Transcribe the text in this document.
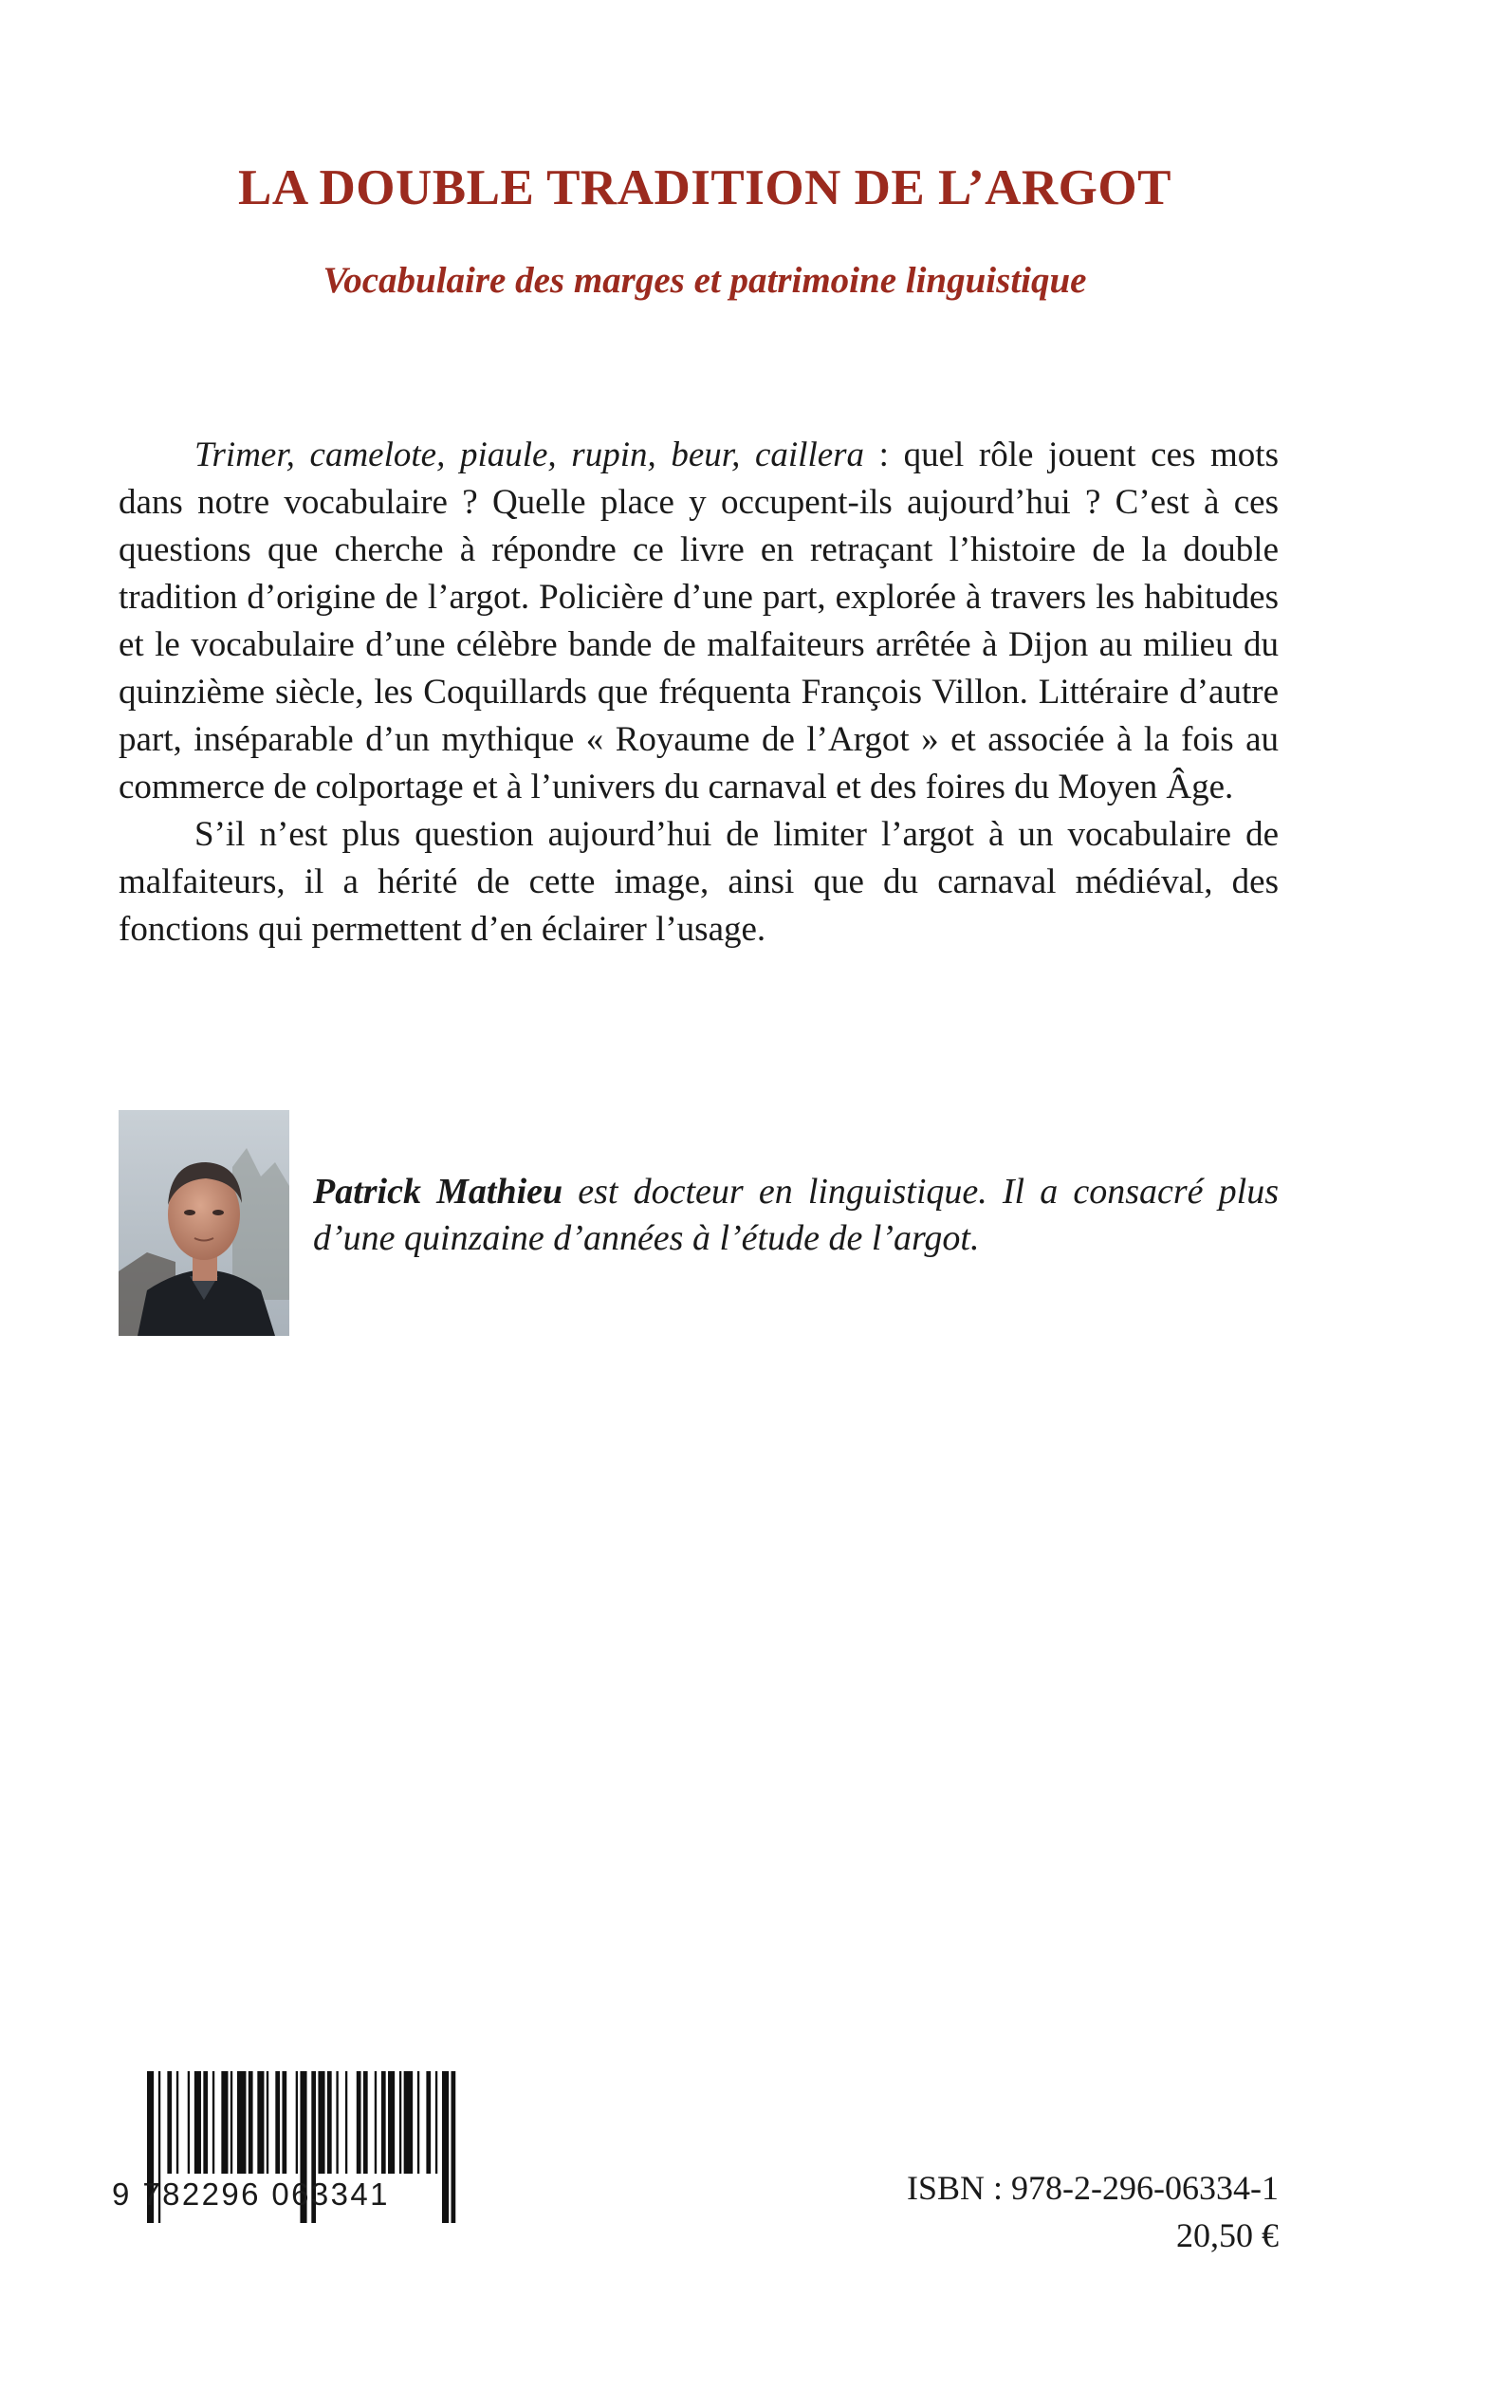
LA DOUBLE TRADITION DE L’ARGOT
Vocabulaire des marges et patrimoine linguistique

Trimer, camelote, piaule, rupin, beur, caillera : quel rôle jouent ces mots dans notre vocabulaire ? Quelle place y occupent-ils aujourd’hui ? C’est à ces questions que cherche à répondre ce livre en retraçant l’histoire de la double tradition d’origine de l’argot. Policière d’une part, explorée à travers les habitudes et le vocabulaire d’une célèbre bande de malfaiteurs arrêtée à Dijon au milieu du quinzième siècle, les Coquillards que fréquenta François Villon. Littéraire d’autre part, inséparable d’un mythique « Royaume de l’Argot » et associée à la fois au commerce de colportage et à l’univers du carnaval et des foires du Moyen Âge.

S’il n’est plus question aujourd’hui de limiter l’argot à un vocabulaire de malfaiteurs, il a hérité de cette image, ainsi que du carnaval médiéval, des fonctions qui permettent d’en éclairer l’usage.

Patrick Mathieu est docteur en linguistique. Il a consacré plus d’une quinzaine d’années à l’étude de l’argot.

9 782296 063341	ISBN : 978-2-296-06334-1
20,50 €
